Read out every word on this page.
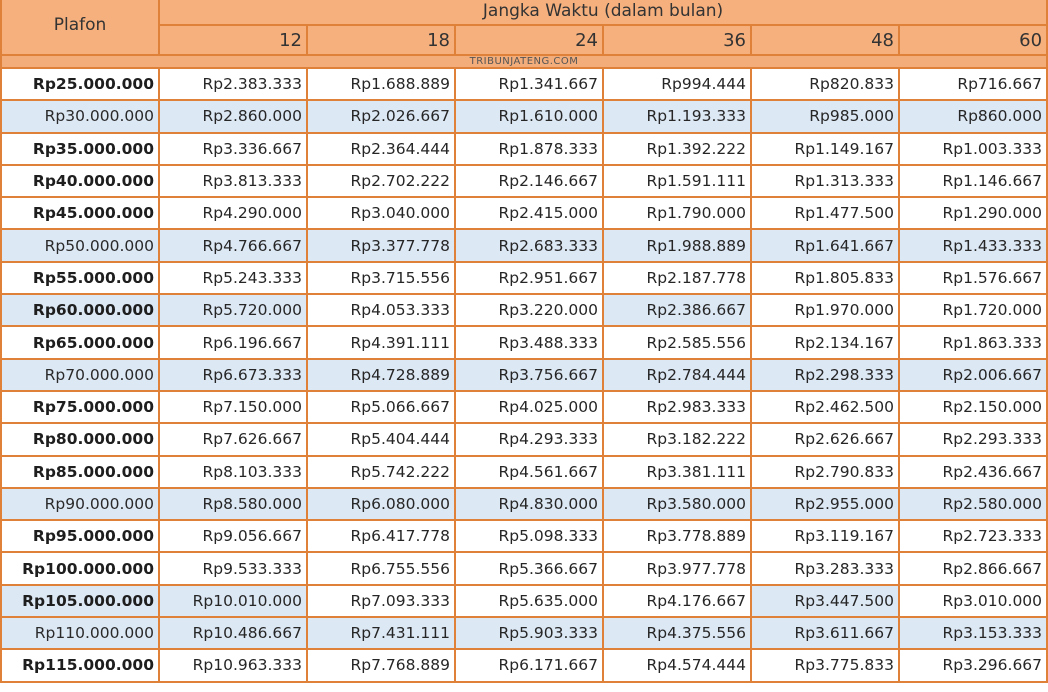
Plafon	Jangka Waktu (dalam bulan)					
	12	18	24	36	48	60
TRIBUNJATENG.COM						
Rp25.000.000	Rp2.383.333	Rp1.688.889	Rp1.341.667	Rp994.444	Rp820.833	Rp716.667
Rp30.000.000	Rp2.860.000	Rp2.026.667	Rp1.610.000	Rp1.193.333	Rp985.000	Rp860.000
Rp35.000.000	Rp3.336.667	Rp2.364.444	Rp1.878.333	Rp1.392.222	Rp1.149.167	Rp1.003.333
Rp40.000.000	Rp3.813.333	Rp2.702.222	Rp2.146.667	Rp1.591.111	Rp1.313.333	Rp1.146.667
Rp45.000.000	Rp4.290.000	Rp3.040.000	Rp2.415.000	Rp1.790.000	Rp1.477.500	Rp1.290.000
Rp50.000.000	Rp4.766.667	Rp3.377.778	Rp2.683.333	Rp1.988.889	Rp1.641.667	Rp1.433.333
Rp55.000.000	Rp5.243.333	Rp3.715.556	Rp2.951.667	Rp2.187.778	Rp1.805.833	Rp1.576.667
Rp60.000.000	Rp5.720.000	Rp4.053.333	Rp3.220.000	Rp2.386.667	Rp1.970.000	Rp1.720.000
Rp65.000.000	Rp6.196.667	Rp4.391.111	Rp3.488.333	Rp2.585.556	Rp2.134.167	Rp1.863.333
Rp70.000.000	Rp6.673.333	Rp4.728.889	Rp3.756.667	Rp2.784.444	Rp2.298.333	Rp2.006.667
Rp75.000.000	Rp7.150.000	Rp5.066.667	Rp4.025.000	Rp2.983.333	Rp2.462.500	Rp2.150.000
Rp80.000.000	Rp7.626.667	Rp5.404.444	Rp4.293.333	Rp3.182.222	Rp2.626.667	Rp2.293.333
Rp85.000.000	Rp8.103.333	Rp5.742.222	Rp4.561.667	Rp3.381.111	Rp2.790.833	Rp2.436.667
Rp90.000.000	Rp8.580.000	Rp6.080.000	Rp4.830.000	Rp3.580.000	Rp2.955.000	Rp2.580.000
Rp95.000.000	Rp9.056.667	Rp6.417.778	Rp5.098.333	Rp3.778.889	Rp3.119.167	Rp2.723.333
Rp100.000.000	Rp9.533.333	Rp6.755.556	Rp5.366.667	Rp3.977.778	Rp3.283.333	Rp2.866.667
Rp105.000.000	Rp10.010.000	Rp7.093.333	Rp5.635.000	Rp4.176.667	Rp3.447.500	Rp3.010.000
Rp110.000.000	Rp10.486.667	Rp7.431.111	Rp5.903.333	Rp4.375.556	Rp3.611.667	Rp3.153.333
Rp115.000.000	Rp10.963.333	Rp7.768.889	Rp6.171.667	Rp4.574.444	Rp3.775.833	Rp3.296.667
